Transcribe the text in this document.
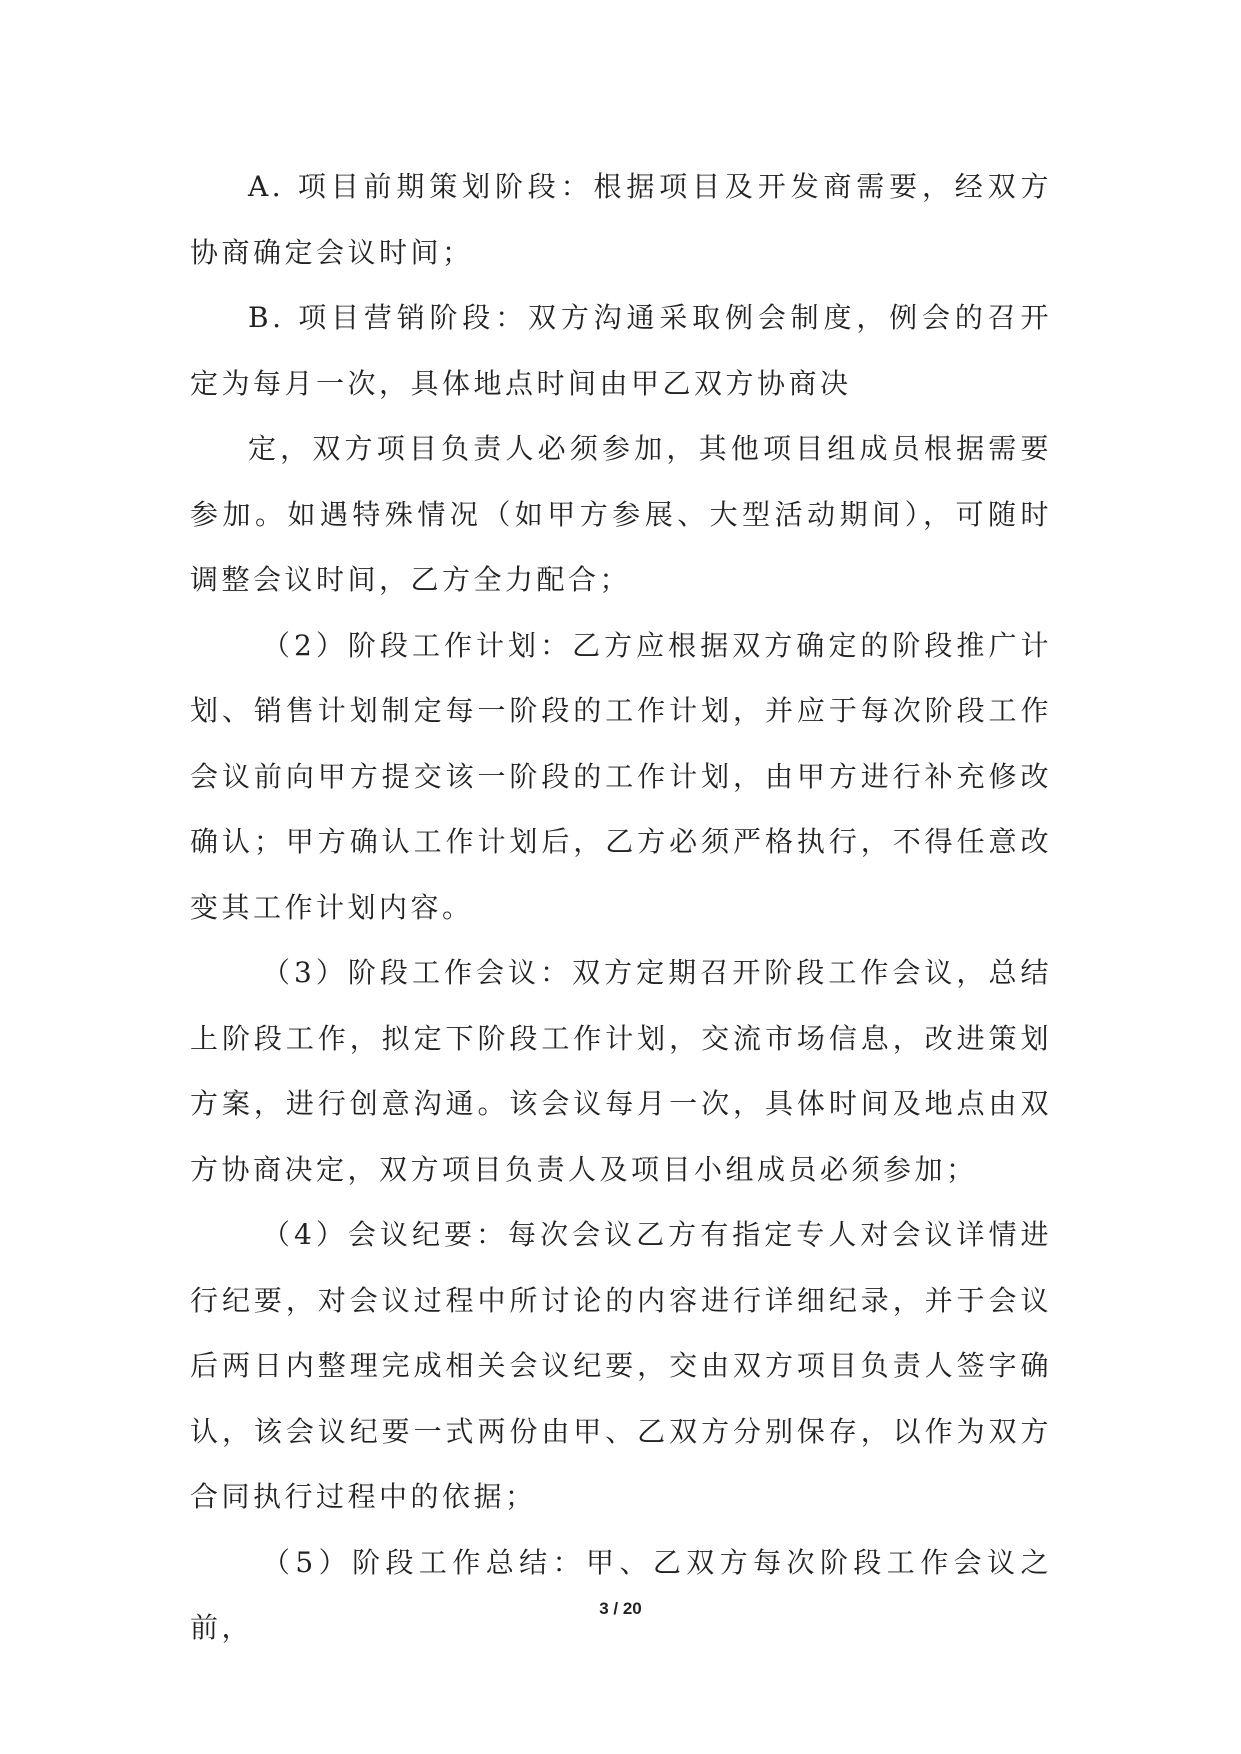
A. 项目前期策划阶段：根据项目及开发商需要，经双方协商确定会议时间；

B. 项目营销阶段：双方沟通采取例会制度，例会的召开定为每月一次，具体地点时间由甲乙双方协商决

定，双方项目负责人必须参加，其他项目组成员根据需要参加。如遇特殊情况（如甲方参展、大型活动期间），可随时调整会议时间，乙方全力配合；

（2）阶段工作计划：乙方应根据双方确定的阶段推广计划、销售计划制定每一阶段的工作计划，并应于每次阶段工作会议前向甲方提交该一阶段的工作计划，由甲方进行补充修改确认；甲方确认工作计划后，乙方必须严格执行，不得任意改变其工作计划内容。

（3）阶段工作会议：双方定期召开阶段工作会议，总结上阶段工作，拟定下阶段工作计划，交流市场信息，改进策划方案，进行创意沟通。该会议每月一次，具体时间及地点由双方协商决定，双方项目负责人及项目小组成员必须参加；

（4）会议纪要：每次会议乙方有指定专人对会议详情进行纪要，对会议过程中所讨论的内容进行详细纪录，并于会议后两日内整理完成相关会议纪要，交由双方项目负责人签字确认，该会议纪要一式两份由甲、乙双方分别保存，以作为双方合同执行过程中的依据；

（5）阶段工作总结：甲、乙双方每次阶段工作会议之前，

3 / 20
